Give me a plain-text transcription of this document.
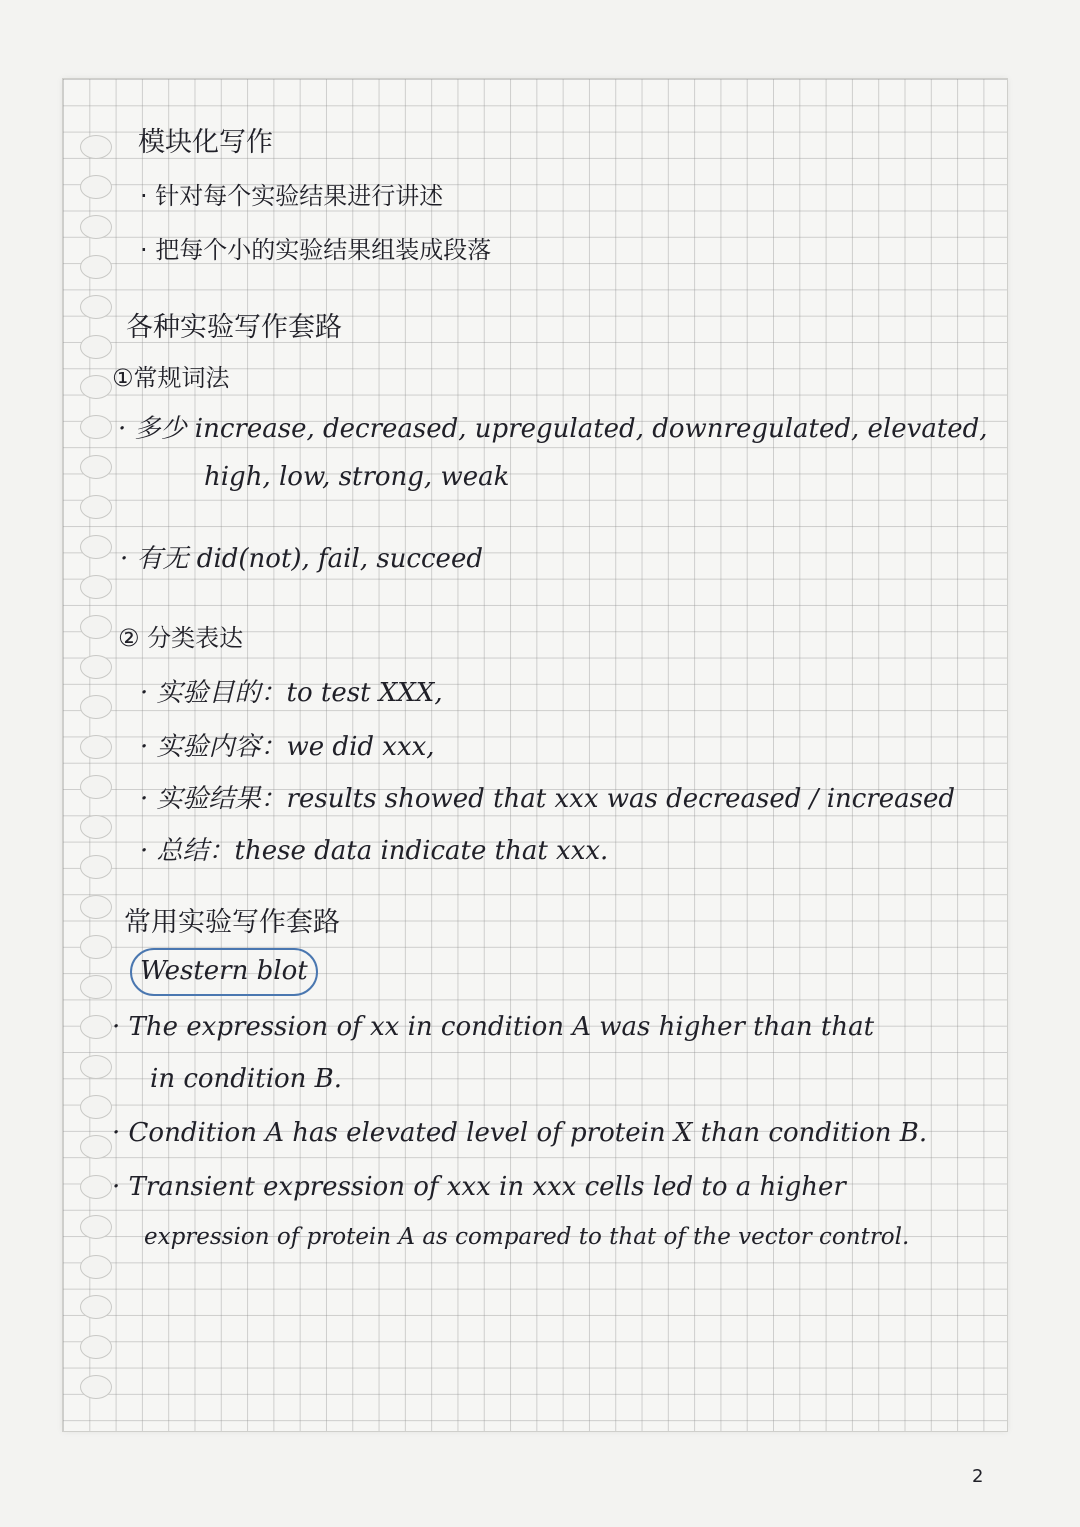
模块化写作
· 针对每个实验结果进行讲述
· 把每个小的实验结果组装成段落
各种实验写作套路
①常规词法
· 多少 increase, decreased, upregulated, downregulated, elevated,
high, low, strong, weak
· 有无 did(not), fail, succeed
② 分类表达
· 实验目的：to test XXX,
· 实验内容：we did xxx,
· 实验结果：results showed that xxx was decreased / increased
· 总结：these data indicate that xxx.
常用实验写作套路
Western blot
· The expression of xx in condition A was higher than that
in condition B.
· Condition A has elevated level of protein X than condition B.
· Transient expression of xxx in xxx cells led to a higher
expression of protein A as compared to that of the vector control.
2
